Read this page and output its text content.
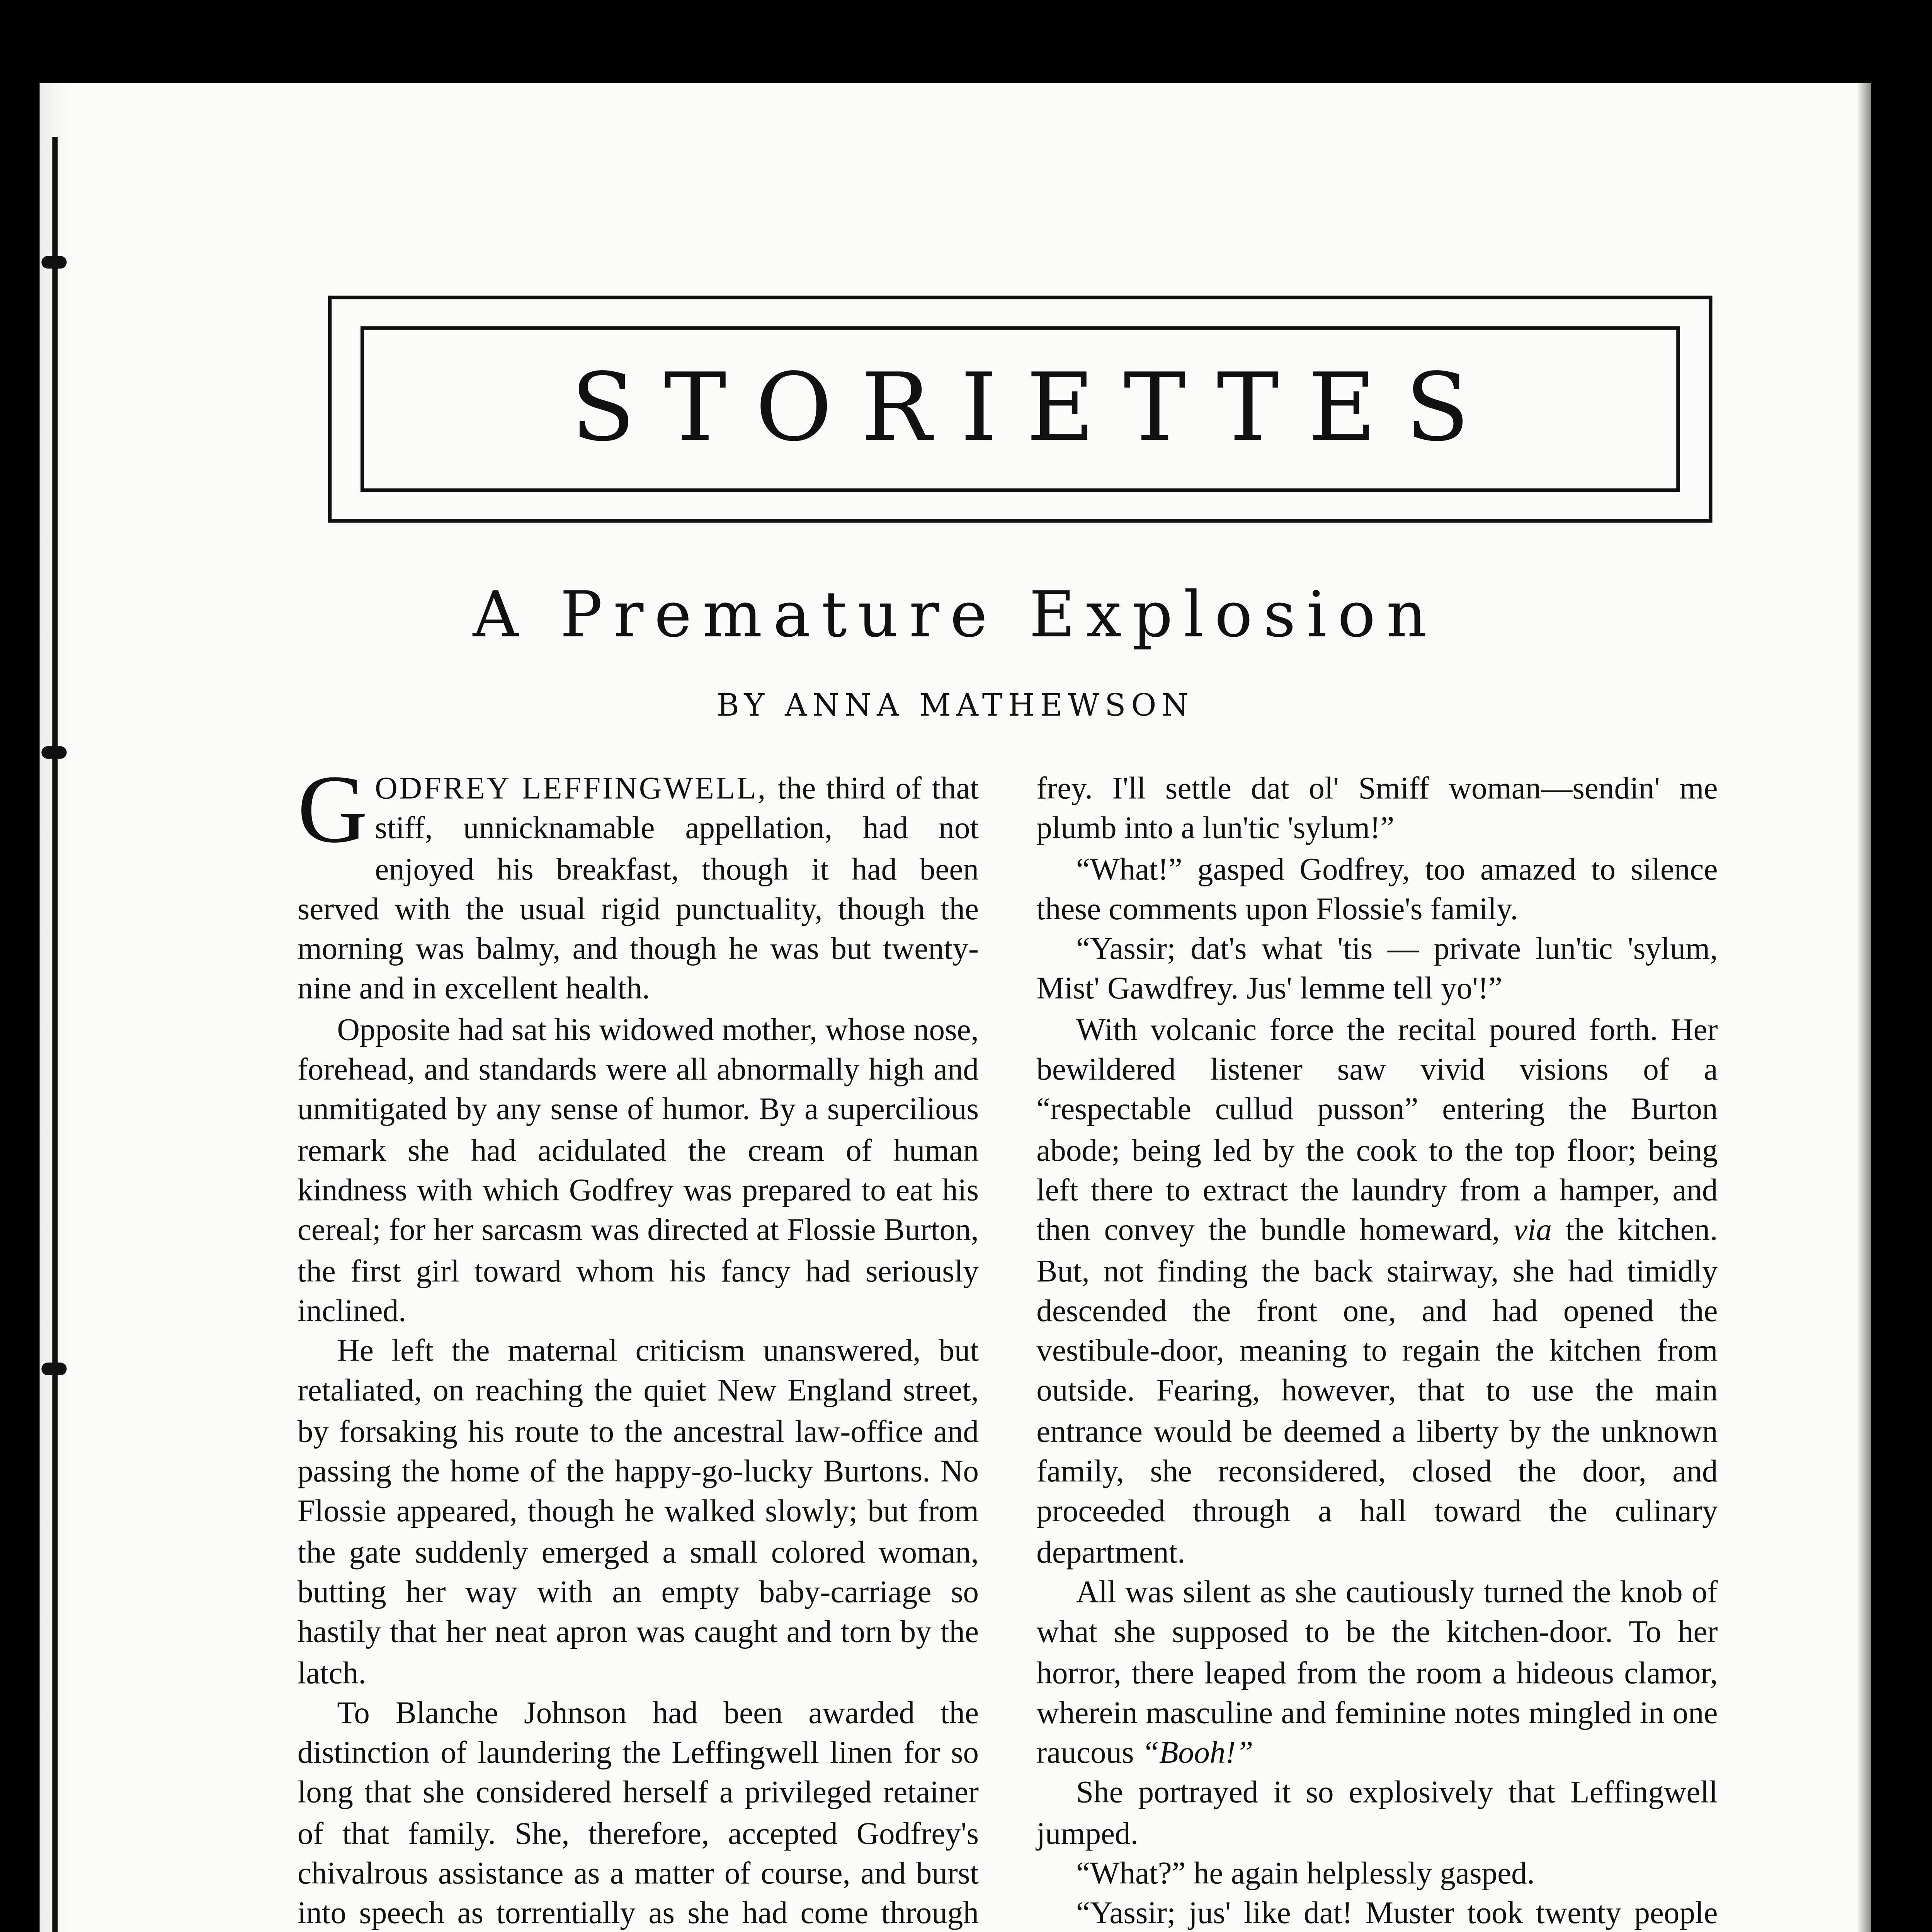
STORIETTES
A Premature Explosion
BY ANNA MATHEWSON

G ODFREY LEFFINGWELL, the third of that stiff, unnicknamable appellation, had not enjoyed his breakfast, though it had been served with the usual rigid punctuality, though the morning was balmy, and though he was but twenty-nine and in excellent health.

Opposite had sat his widowed mother, whose nose, forehead, and standards were all abnormally high and unmitigated by any sense of humor. By a supercilious remark she had acidulated the cream of human kindness with which Godfrey was prepared to eat his cereal; for her sarcasm was directed at Flossie Burton, the first girl toward whom his fancy had seriously inclined.

He left the maternal criticism unanswered, but retaliated, on reaching the quiet New England street, by forsaking his route to the ancestral law-office and passing the home of the happy-go-lucky Burtons. No Flossie appeared, though he walked slowly; but from the gate suddenly emerged a small colored woman, butting her way with an empty baby-carriage so hastily that her neat apron was caught and torn by the latch.

To Blanche Johnson had been awarded the distinction of laundering the Leffingwell linen for so long that she considered herself a privileged retainer of that family. She, therefore, accepted Godfrey's chivalrous assistance as a matter of course, and burst into speech as torrentially as she had come through

frey. I'll settle dat ol' Smiff woman—sendin' me plumb into a lun'tic 'sylum!”

“What!” gasped Godfrey, too amazed to silence these comments upon Flossie's family.

“Yassir; dat's what 'tis — private lun'tic 'sylum, Mist' Gawdfrey. Jus' lemme tell yo'!”

With volcanic force the recital poured forth. Her bewildered listener saw vivid visions of a “respectable cullud pusson” entering the Burton abode; being led by the cook to the top floor; being left there to extract the laundry from a hamper, and then convey the bundle homeward, via the kitchen. But, not finding the back stairway, she had timidly descended the front one, and had opened the vestibule-door, meaning to regain the kitchen from outside. Fearing, however, that to use the main entrance would be deemed a liberty by the unknown family, she reconsidered, closed the door, and proceeded through a hall toward the culinary department.

All was silent as she cautiously turned the knob of what she supposed to be the kitchen-door. To her horror, there leaped from the room a hideous clamor, wherein masculine and feminine notes mingled in one raucous “Booh!”

She portrayed it so explosively that Leffingwell jumped.

“What?” he again helplessly gasped.

“Yassir; jus' like dat! Muster took twenty people
